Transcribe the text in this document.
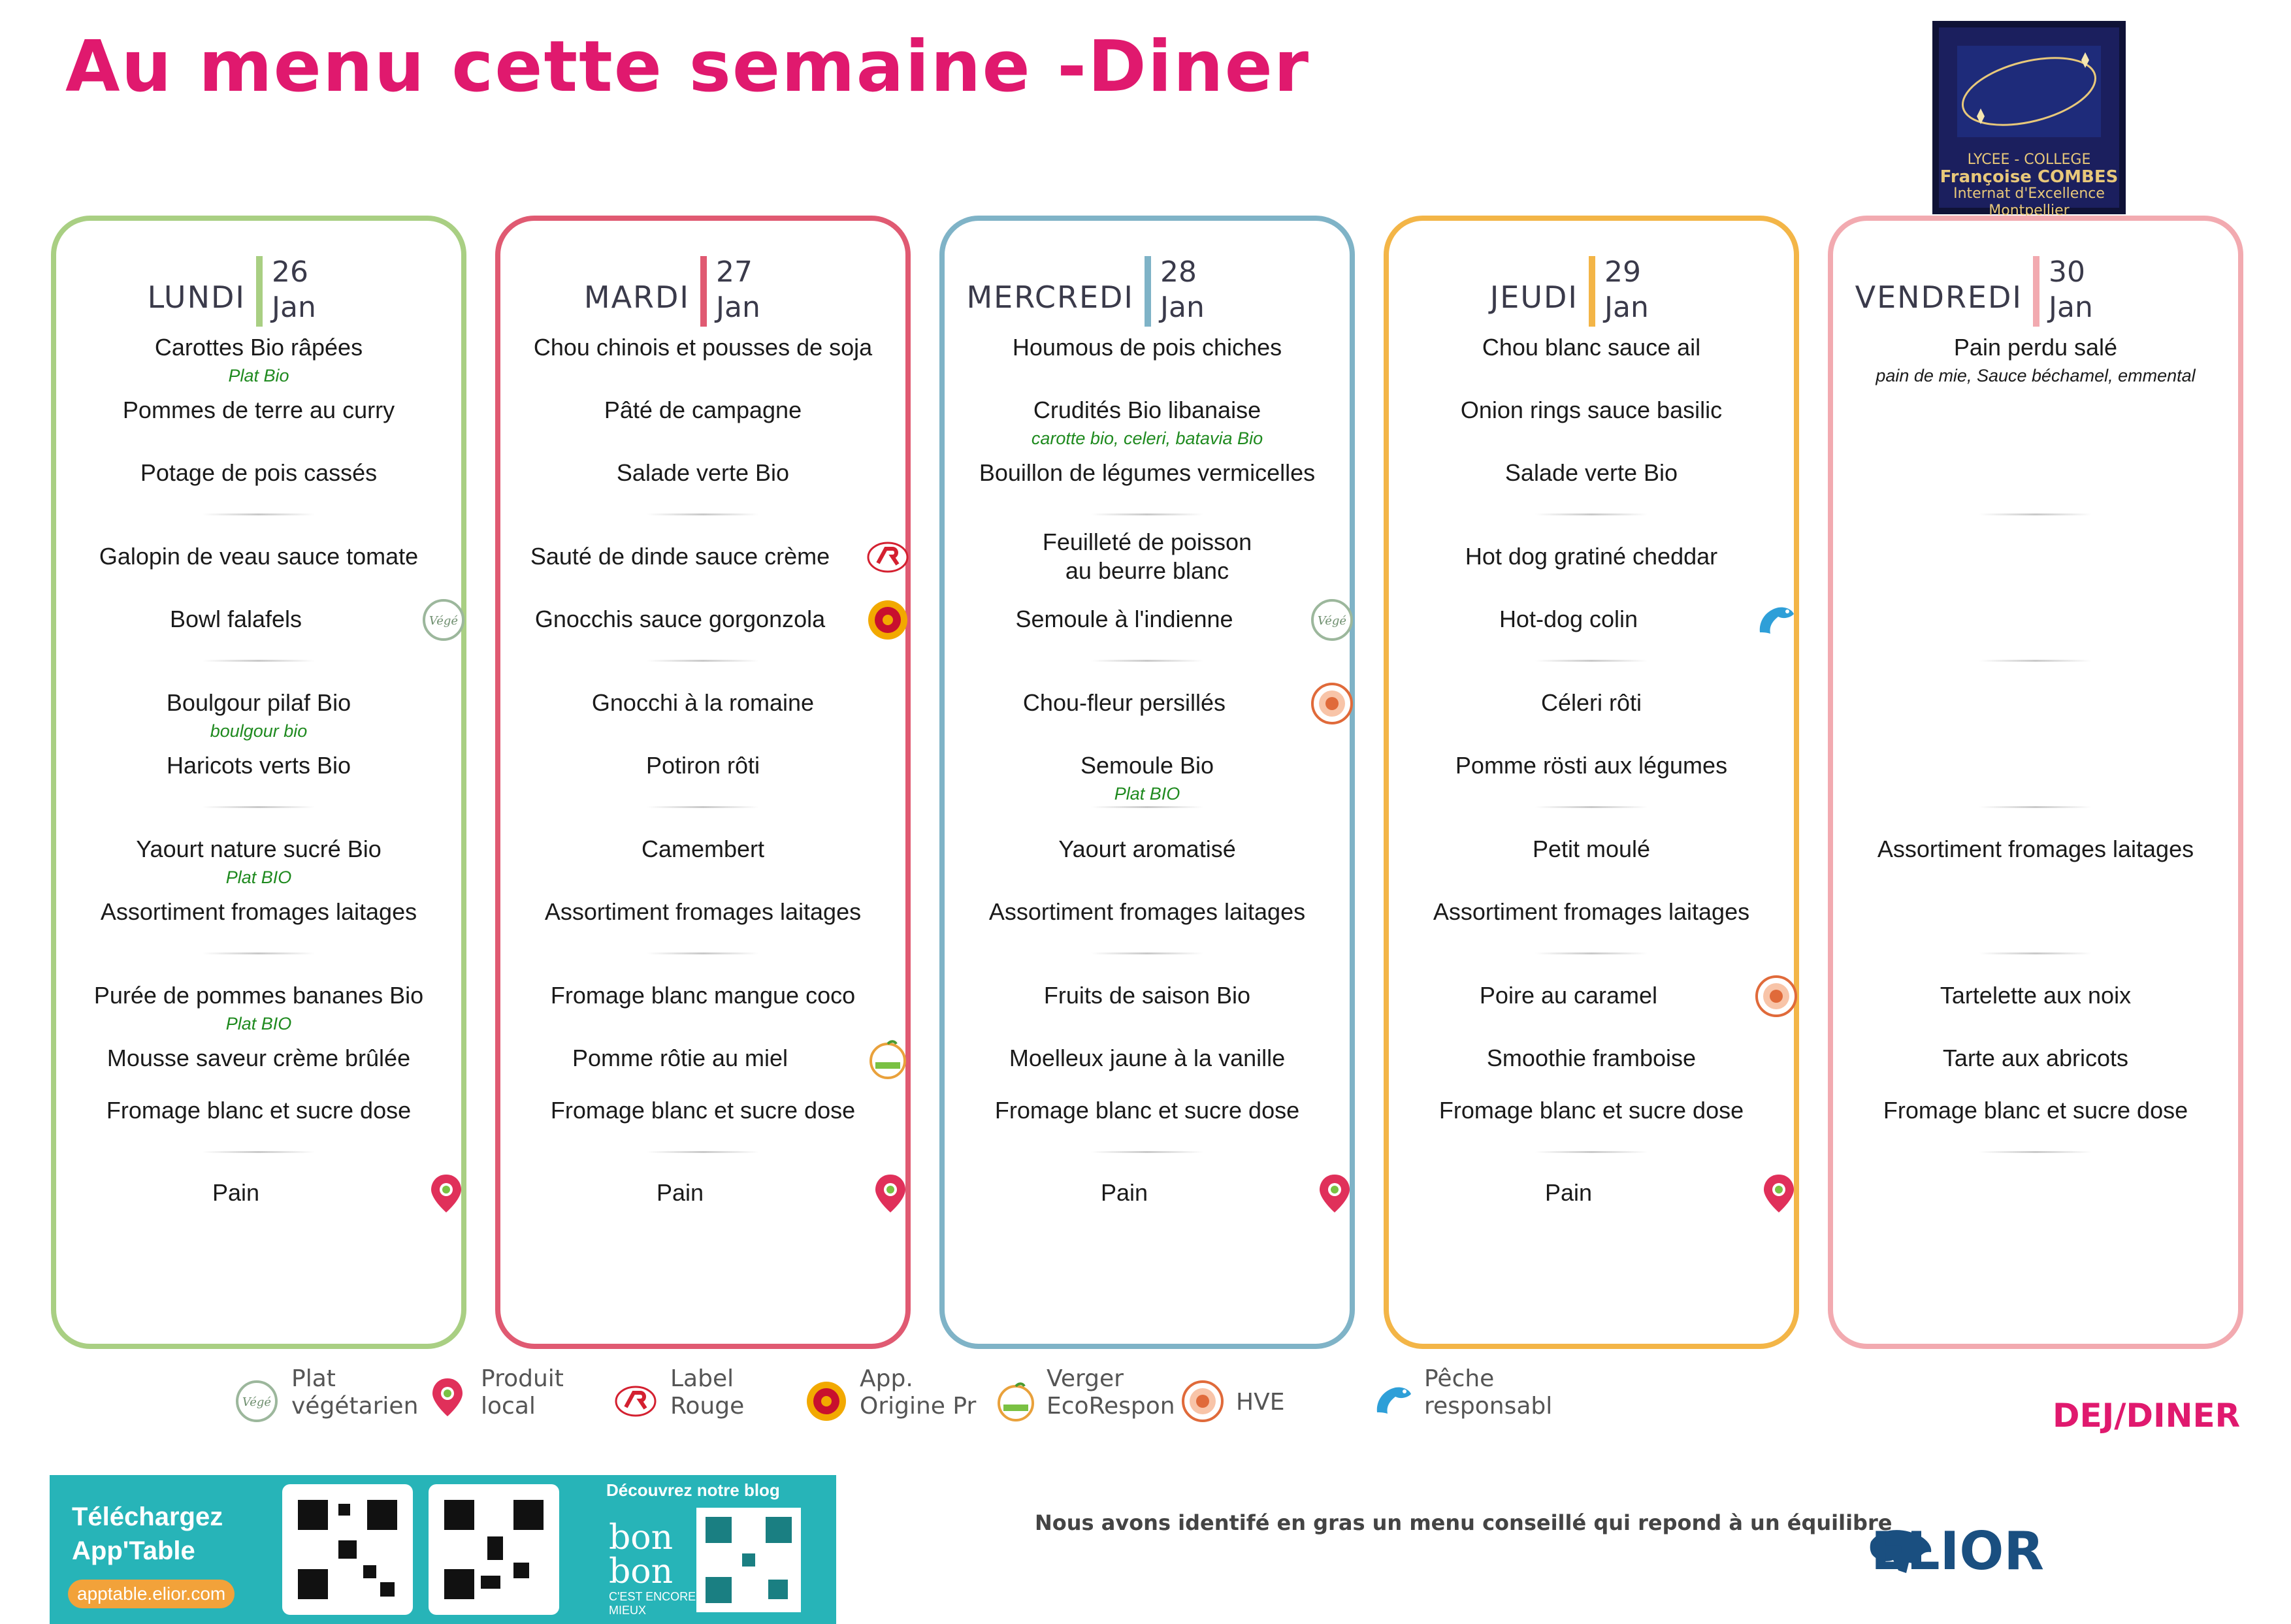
Au menu cette semaine -Diner
LYCEE - COLLEGE
Françoise COMBES
Internat d'Excellence Montpellier
LUNDI
26
Jan
Carottes Bio râpées
Plat Bio
Pommes de terre au curry
Potage de pois cassés
Galopin de veau sauce tomate
Bowl falafels	Végé
Boulgour pilaf Bio
boulgour bio
Haricots verts Bio
Yaourt nature sucré Bio
Plat BIO
Assortiment fromages laitages
Purée de pommes bananes Bio
Plat BIO
Mousse saveur crème brûlée
Fromage blanc et sucre dose
Pain
MARDI
27
Jan
Chou chinois et pousses de soja
Pâté de campagne
Salade verte Bio
Sauté de dinde sauce crème
Gnocchis sauce gorgonzola
Gnocchi à la romaine
Potiron rôti
Camembert
Assortiment fromages laitages
Fromage blanc mangue coco
Pomme rôtie au miel
Fromage blanc et sucre dose
Pain
MERCREDI
28
Jan
Houmous de pois chiches
Crudités Bio libanaise
carotte bio, celeri, batavia Bio
Bouillon de légumes vermicelles
Feuilleté de poisson
au beurre blanc
Semoule à l'indienne	Végé
Chou-fleur persillés
Semoule Bio
Plat BIO
Yaourt aromatisé
Assortiment fromages laitages
Fruits de saison Bio
Moelleux jaune à la vanille
Fromage blanc et sucre dose
Pain
JEUDI
29
Jan
Chou blanc sauce ail
Onion rings sauce basilic
Salade verte Bio
Hot dog gratiné cheddar
Hot-dog colin
Céleri rôti
Pomme rösti aux légumes
Petit moulé
Assortiment fromages laitages
Poire au caramel
Smoothie framboise
Fromage blanc et sucre dose
Pain
VENDREDI
30
Jan
Pain perdu salé
pain de mie, Sauce béchamel, emmental
Assortiment fromages laitages
Tartelette aux noix
Tarte aux abricots
Fromage blanc et sucre dose
Végé
Plat
végétarien
Produit
local
Label
Rouge
App.
Origine Pr
Verger
EcoRespon	HVE
Pêche
responsabl	DEJ/DINER
Téléchargez
App'Table
apptable.elior.com
Découvrez notre blog
bon bon
C'EST ENCORE
MIEUX
Nous avons identifé en gras un menu conseillé qui repond à un équilibre
ELIOR
